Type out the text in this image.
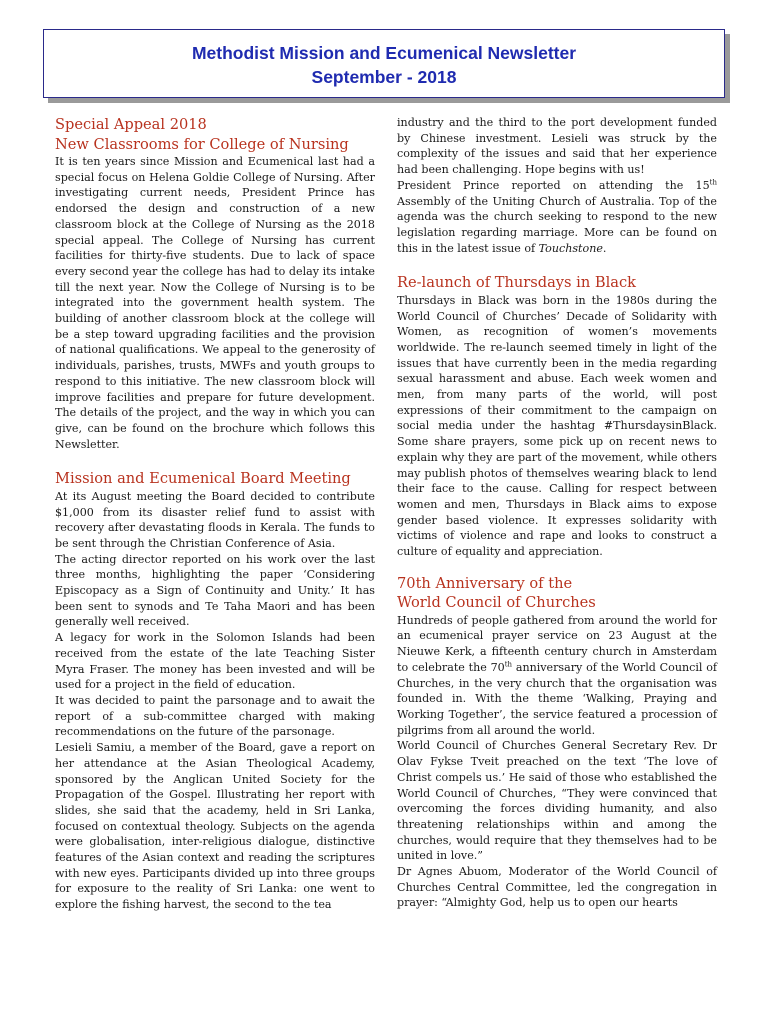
Methodist Mission and Ecumenical Newsletter
September - 2018
Special Appeal 2018
New Classrooms for College of Nursing

It is ten years since Mission and Ecumenical last had a special focus on Helena Goldie College of Nursing. After investigating current needs, President Prince has endorsed the design and construction of a new classroom block at the College of Nursing as the 2018 special appeal. The College of Nursing has current facilities for thirty-five students. Due to lack of space every second year the college has had to delay its intake till the next year. Now the College of Nursing is to be integrated into the government health system. The building of another classroom block at the college will be a step toward upgrading facilities and the provision of national qualifications. We appeal to the generosity of individuals, parishes, trusts, MWFs and youth groups to respond to this initiative. The new classroom block will improve facilities and prepare for future development. The details of the project, and the way in which you can give, can be found on the brochure which follows this Newsletter.

Mission and Ecumenical Board Meeting

At its August meeting the Board decided to contribute $1,000 from its disaster relief fund to assist with recovery after devastating floods in Kerala. The funds to be sent through the Christian Conference of Asia.

The acting director reported on his work over the last three months, highlighting the paper ‘Considering Episcopacy as a Sign of Continuity and Unity.’ It has been sent to synods and Te Taha Maori and has been generally well received.

A legacy for work in the Solomon Islands had been received from the estate of the late Teaching Sister Myra Fraser. The money has been invested and will be used for a project in the field of education.

It was decided to paint the parsonage and to await the report of a sub-committee charged with making recommendations on the future of the parsonage.

Lesieli Samiu, a member of the Board, gave a report on her attendance at the Asian Theological Academy, sponsored by the Anglican United Society for the Propagation of the Gospel. Illustrating her report with slides, she said that the academy, held in Sri Lanka, focused on contextual theology. Subjects on the agenda were globalisation, inter-religious dialogue, distinctive features of the Asian context and reading the scriptures with new eyes. Participants divided up into three groups for exposure to the reality of Sri Lanka: one went to explore the fishing harvest, the second to the tea

industry and the third to the port development funded by Chinese investment. Lesieli was struck by the complexity of the issues and said that her experience had been challenging. Hope begins with us!

President Prince reported on attending the 15th Assembly of the Uniting Church of Australia. Top of the agenda was the church seeking to respond to the new legislation regarding marriage. More can be found on this in the latest issue of Touchstone.

Re-launch of Thursdays in Black

Thursdays in Black was born in the 1980s during the World Council of Churches’ Decade of Solidarity with Women, as recognition of women’s movements worldwide. The re-launch seemed timely in light of the issues that have currently been in the media regarding sexual harassment and abuse. Each week women and men, from many parts of the world, will post expressions of their commitment to the campaign on social media under the hashtag #ThursdaysinBlack. Some share prayers, some pick up on recent news to explain why they are part of the movement, while others may publish photos of themselves wearing black to lend their face to the cause. Calling for respect between women and men, Thursdays in Black aims to expose gender based violence. It expresses solidarity with victims of violence and rape and looks to construct a culture of equality and appreciation.

70th Anniversary of the
World Council of Churches

Hundreds of people gathered from around the world for an ecumenical prayer service on 23 August at the Nieuwe Kerk, a fifteenth century church in Amsterdam to celebrate the 70th anniversary of the World Council of Churches, in the very church that the organisation was founded in. With the theme ‘Walking, Praying and Working Together’, the service featured a procession of pilgrims from all around the world.

World Council of Churches General Secretary Rev. Dr Olav Fykse Tveit preached on the text ‘The love of Christ compels us.’ He said of those who established the World Council of Churches, “They were convinced that overcoming the forces dividing humanity, and also threatening relationships within and among the churches, would require that they themselves had to be united in love.”

Dr Agnes Abuom, Moderator of the World Council of Churches Central Committee, led the congregation in prayer: “Almighty God, help us to open our hearts
